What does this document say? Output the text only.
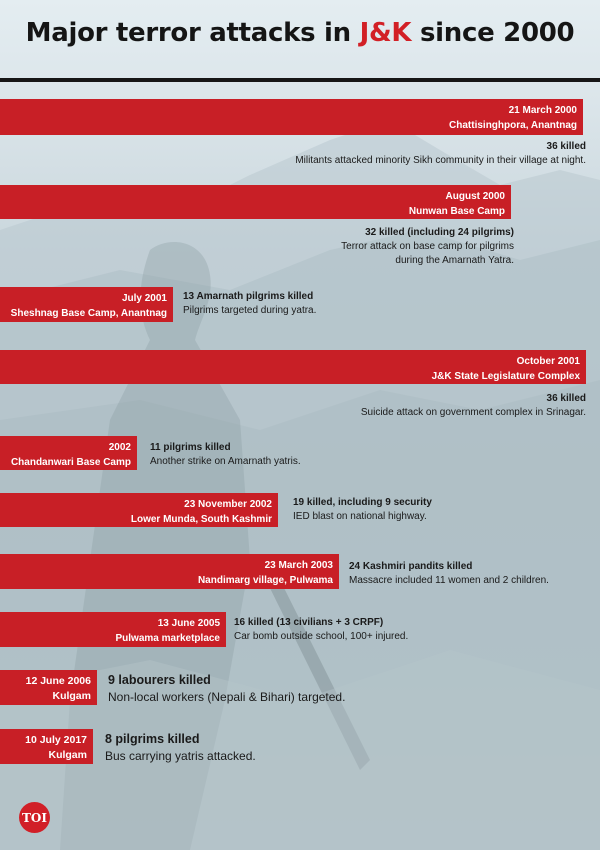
Major terror attacks in J&K since 2000
21 March 2000
Chattisinghpora, Anantnag
36 killed
Militants attacked minority Sikh community in their village at night.
August 2000
Nunwan Base Camp
32 killed (including 24 pilgrims)
Terror attack on base camp for pilgrims
during the Amarnath Yatra.
July 2001
Sheshnag Base Camp, Anantnag
13 Amarnath pilgrims killed
Pilgrims targeted during yatra.
October 2001
J&K State Legislature Complex
36 killed
Suicide attack on government complex in Srinagar.
2002
Chandanwari Base Camp
11 pilgrims killed
Another strike on Amarnath yatris.
23 November 2002
Lower Munda, South Kashmir
19 killed, including 9 security
IED blast on national highway.
23 March 2003
Nandimarg village, Pulwama
24 Kashmiri pandits killed
Massacre included 11 women and 2 children.
13 June 2005
Pulwama marketplace
16 killed (13 civilians + 3 CRPF)
Car bomb outside school, 100+ injured.
12 June 2006
Kulgam
9 labourers killed
Non-local workers (Nepali & Bihari) targeted.
10 July 2017
Kulgam
8 pilgrims killed
Bus carrying yatris attacked.
TOI
